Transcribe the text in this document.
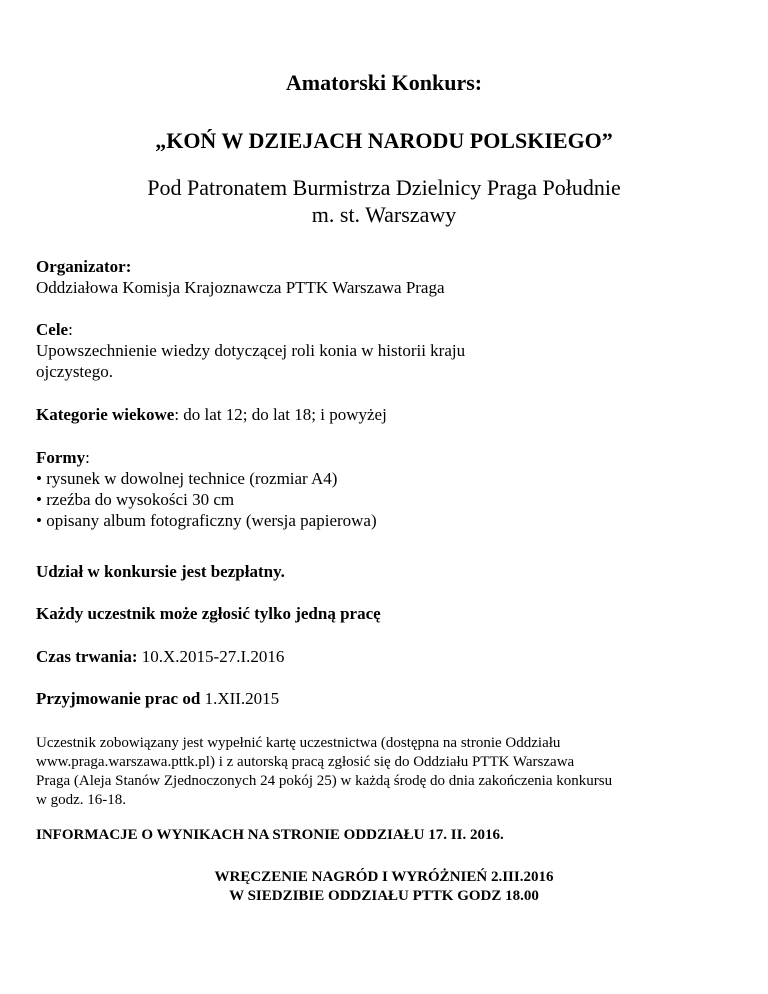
Amatorski Konkurs:
„KOŃ W DZIEJACH NARODU POLSKIEGO”
Pod Patronatem Burmistrza Dzielnicy Praga Południe
m. st. Warszawy
Organizator:
Oddziałowa Komisja Krajoznawcza PTTK Warszawa Praga
Cele:
Upowszechnienie wiedzy dotyczącej roli konia w historii kraju
ojczystego.
Kategorie wiekowe: do lat 12; do lat 18; i powyżej
Formy:
• rysunek w dowolnej technice (rozmiar A4)
• rzeźba do wysokości 30 cm
• opisany album fotograficzny (wersja papierowa)
Udział w konkursie jest bezpłatny.
Każdy uczestnik może zgłosić tylko jedną pracę
Czas trwania: 10.X.2015-27.I.2016
Przyjmowanie prac od 1.XII.2015
Uczestnik zobowiązany jest wypełnić kartę uczestnictwa (dostępna na stronie Oddziału
www.praga.warszawa.pttk.pl) i z autorską pracą zgłosić się do Oddziału PTTK Warszawa
Praga (Aleja Stanów Zjednoczonych 24 pokój 25) w każdą środę do dnia zakończenia konkursu
w godz. 16-18.
INFORMACJE O WYNIKACH NA STRONIE ODDZIAŁU 17. II. 2016.
WRĘCZENIE NAGRÓD I WYRÓŻNIEŃ 2.III.2016
W SIEDZIBIE ODDZIAŁU PTTK GODZ 18.00
